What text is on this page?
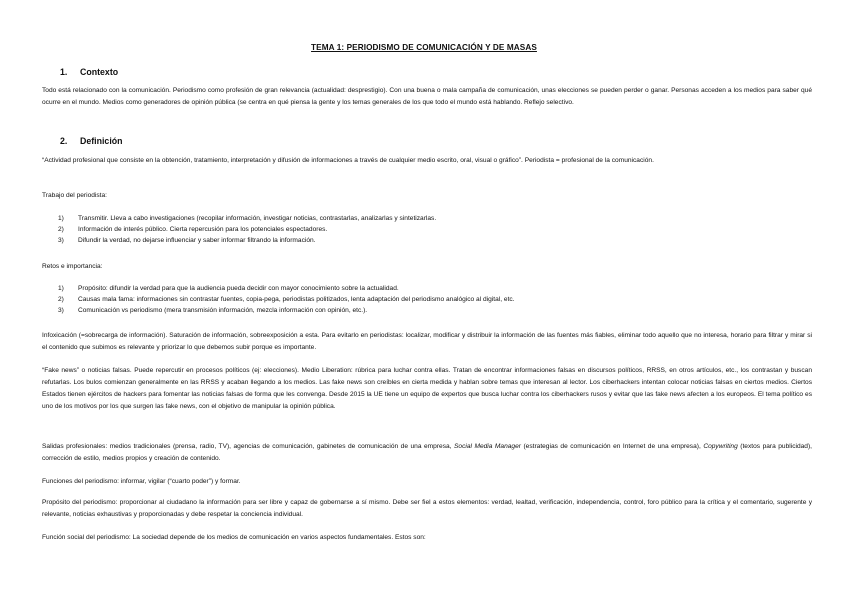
TEMA 1: PERIODISMO DE COMUNICACIÓN Y DE MASAS
1. Contexto
Todo está relacionado con la comunicación. Periodismo como profesión de gran relevancia (actualidad: desprestigio). Con una buena o mala campaña de comunicación, unas elecciones se pueden perder o ganar. Personas acceden a los medios para saber qué ocurre en el mundo. Medios como generadores de opinión pública (se centra en qué piensa la gente y los temas generales de los que todo el mundo está hablando. Reflejo selectivo.
2. Definición
“Actividad profesional que consiste en la obtención, tratamiento, interpretación y difusión de informaciones a través de cualquier medio escrito, oral, visual o gráfico”. Periodista = profesional de la comunicación.
Trabajo del periodista:
1) Transmitir. Lleva a cabo investigaciones (recopilar información, investigar noticias, contrastarlas, analizarlas y sintetizarlas.
2) Información de interés público. Cierta repercusión para los potenciales espectadores.
3) Difundir la verdad, no dejarse influenciar y saber informar filtrando la información.
Retos e importancia:
1) Propósito: difundir la verdad para que la audiencia pueda decidir con mayor conocimiento sobre la actualidad.
2) Causas mala fama: informaciones sin contrastar fuentes, copia-pega, periodistas politizados, lenta adaptación del periodismo analógico al digital, etc.
3) Comunicación vs periodismo (mera transmisión información, mezcla información con opinión, etc.).
Infoxicación (=sobrecarga de información). Saturación de información, sobreexposición a esta. Para evitarlo en periodistas: localizar, modificar y distribuir la información de las fuentes más fiables, eliminar todo aquello que no interesa, horario para filtrar y mirar si el contenido que subimos es relevante y priorizar lo que debemos subir porque es importante.
“Fake news” o noticias falsas. Puede repercutir en procesos políticos (ej: elecciones). Medio Liberation: rúbrica para luchar contra ellas. Tratan de encontrar informaciones falsas en discursos políticos, RRSS, en otros artículos, etc., los contrastan y buscan refutarlas. Los bulos comienzan generalmente en las RRSS y acaban llegando a los medios. Las fake news son creíbles en cierta medida y hablan sobre temas que interesan al lector. Los ciberhackers intentan colocar noticias falsas en ciertos medios. Ciertos Estados tienen ejércitos de hackers para fomentar las noticias falsas de forma que les convenga. Desde 2015 la UE tiene un equipo de expertos que busca luchar contra los ciberhackers rusos y evitar que las fake news afecten a los europeos. El tema político es uno de los motivos por los que surgen las fake news, con el objetivo de manipular la opinión pública.
Salidas profesionales: medios tradicionales (prensa, radio, TV), agencias de comunicación, gabinetes de comunicación de una empresa, Social Media Manager (estrategias de comunicación en Internet de una empresa), Copywriting (textos para publicidad), corrección de estilo, medios propios y creación de contenido.
Funciones del periodismo: informar, vigilar (“cuarto poder”) y formar.
Propósito del periodismo: proporcionar al ciudadano la información para ser libre y capaz de gobernarse a sí mismo. Debe ser fiel a estos elementos: verdad, lealtad, verificación, independencia, control, foro público para la crítica y el comentario, sugerente y relevante, noticias exhaustivas y proporcionadas y debe respetar la conciencia individual.
Función social del periodismo: La sociedad depende de los medios de comunicación en varios aspectos fundamentales. Estos son:
